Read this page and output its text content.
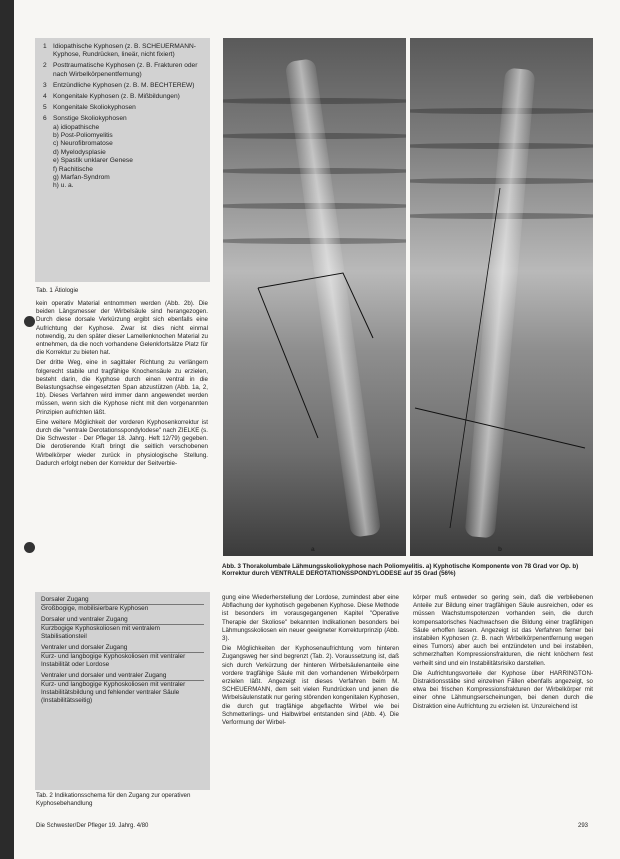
1 Idiopathische Kyphosen (z. B. SCHEUERMANN-Kyphose, Rundrücken, lineär, nicht fixiert)
2 Posttraumatische Kyphosen (z. B. Frakturen oder nach Wirbelkörpenentfernung)
3 Entzündliche Kyphosen (z. B. M. BECHTEREW)
4 Kongenitale Kyphosen (z. B. Mißbildungen)
5 Kongenitale Skoliokyphosen
6 Sonstige Skoliokyphosen
a) idiopathische
b) Post-Poliomyelitis
c) Neurofibromatose
d) Myelodysplasie
e) Spastik unklarer Genese
f) Rachitische
g) Marfan-Syndrom
h) u. a.
Tab. 1 Ätiologie

kein operativ Material entnommen werden (Abb. 2b). Die beiden Längsmesser der Wirbelsäule sind herangezogen. Durch diese dorsale Verkürzung ergibt sich ebenfalls eine Aufrichtung der Kyphose. Zwar ist dies nicht einmal notwendig, zu den später dieser Lamellenknochen Material zu entnehmen, da die noch vorhandene Gelenkfortsätze Platz für die Korrektur zu bieten hat.

Der dritte Weg, eine in sagittaler Richtung zu verlängern folgerecht stabile und tragfähige Knochensäule zu erzielen, besteht darin, die Kyphose durch einen ventral in die Belastungsachse eingesetzten Span abzustützen (Abb. 1a, 2, 1b). Dieses Verfahren wird immer dann angewendet werden müssen, wenn sich die Kyphose nicht mit den vorgenannten Prinzipien aufrichten läßt.

Eine weitere Möglichkeit der vorderen Kyphosenkorrektur ist durch die "ventrale Derotationsspondylodese" nach ZIELKE (s. Die Schwester · Der Pfleger 18. Jahrg. Heft 12/79) gegeben. Die derotierende Kraft bringt die seitlich verschobenen Wirbelkörper wieder zurück in physiologische Stellung. Dadurch erfolgt neben der Korrektur der Seitverbie-

Dorsaler Zugang
Großbogige, mobilisierbare Kyphosen
Dorsaler und ventraler Zugang
Kurzbogige Kyphoskoliosen mit ventralem Stabilisationsteil
Ventraler und dorsaler Zugang
Kurz- und langbogige Kyphoskoliosen mit ventraler Instabilität oder Lordose
Ventraler und dorsaler und ventraler Zugang
Kurz- und langbogige Kyphoskoliosen mit ventraler Instabilitätsbildung und fehlender ventraler Säule (Instabilitätsseitig)
Tab. 2 Indikationsschema für den Zugang zur operativen Kyphosebehandlung
a	b
Abb. 3 Thorakolumbale Lähmungsskoliokyphose nach Poliomyelitis. a) Kyphotische Komponente von 78 Grad vor Op. b) Korrektur durch VENTRALE DEROTATIONSSPONDYLODESE auf 35 Grad (56%)

gung eine Wiederherstellung der Lordose, zumindest aber eine Abflachung der kyphotisch gegebenen Kyphose. Diese Methode ist besonders im vorausgegangenen Kapitel "Operative Therapie der Skoliose" bekannten Indikationen besonders bei Lähmungsskoliosen ein neuer geeigneter Korrekturprinzip (Abb. 3).

Die Möglichkeiten der Kyphosenaufrichtung vom hinteren Zugangsweg her sind begrenzt (Tab. 2). Voraussetzung ist, daß sich durch Verkürzung der hinteren Wirbelsäulenanteile eine vordere tragfähige Säule mit den vorhandenen Wirbelkörpern erzielen läßt. Angezeigt ist dieses Verfahren beim M. SCHEUERMANN, dem seit vielen Rundrücken und jenen die Wirbelsäulenstatik nur gering störenden kongenitalen Kyphosen, die durch gut tragfähige abgeflachte Wirbel wie bei Schmetterlings- und Halbwirbel entstanden sind (Abb. 4). Die Verformung der Wirbel-

körper muß entweder so gering sein, daß die verbliebenen Anteile zur Bildung einer tragfähigen Säule ausreichen, oder es müssen Wachstumspotenzen vorhanden sein, die durch kompensatorisches Nachwachsen die Bildung einer tragfähigen Säule erhoffen lassen. Angezeigt ist das Verfahren ferner bei instabilen Kyphosen (z. B. nach Wirbelkörpenentfernung wegen eines Tumors) aber auch bei entzündeten und bei instabilen, schmerzhaften Kompressionsfrakturen, die nicht knöchern fest verheilt sind und ein Instabilitätsrisiko darstellen.

Die Aufrichtungsvorteile der Kyphose über HARRINGTON-Distraktionsstäbe sind einzelnen Fällen ebenfalls angezeigt, so etwa bei frischen Kompressionsfrakturen der Wirbelkörper mit einer ohne Lähmungserscheinungen, bei denen durch die Distraktion eine Aufrichtung zu erzielen ist. Unzureichend ist

Die Schwester/Der Pfleger 19. Jahrg. 4/80	293
